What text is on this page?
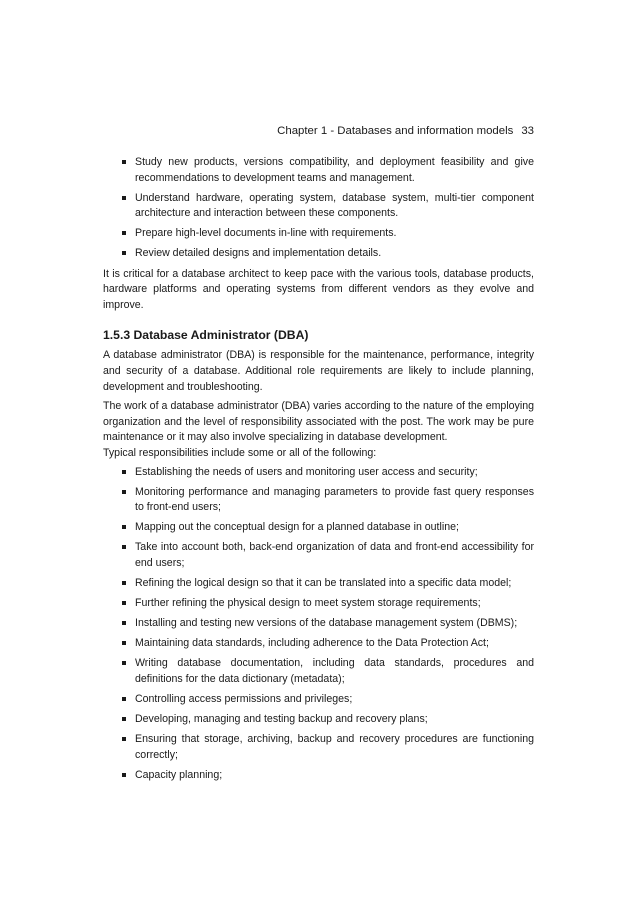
Chapter 1 - Databases and information models 33
Study new products, versions compatibility, and deployment feasibility and give recommendations to development teams and management.
Understand hardware, operating system, database system, multi-tier component architecture and interaction between these components.
Prepare high-level documents in-line with requirements.
Review detailed designs and implementation details.

It is critical for a database architect to keep pace with the various tools, database products, hardware platforms and operating systems from different vendors as they evolve and improve.

1.5.3 Database Administrator (DBA)

A database administrator (DBA) is responsible for the maintenance, performance, integrity and security of a database. Additional role requirements are likely to include planning, development and troubleshooting.

The work of a database administrator (DBA) varies according to the nature of the employing organization and the level of responsibility associated with the post. The work may be pure maintenance or it may also involve specializing in database development.

Typical responsibilities include some or all of the following:

Establishing the needs of users and monitoring user access and security;
Monitoring performance and managing parameters to provide fast query responses to front-end users;
Mapping out the conceptual design for a planned database in outline;
Take into account both, back-end organization of data and front-end accessibility for end users;
Refining the logical design so that it can be translated into a specific data model;
Further refining the physical design to meet system storage requirements;
Installing and testing new versions of the database management system (DBMS);
Maintaining data standards, including adherence to the Data Protection Act;
Writing database documentation, including data standards, procedures and definitions for the data dictionary (metadata);
Controlling access permissions and privileges;
Developing, managing and testing backup and recovery plans;
Ensuring that storage, archiving, backup and recovery procedures are functioning correctly;
Capacity planning;
